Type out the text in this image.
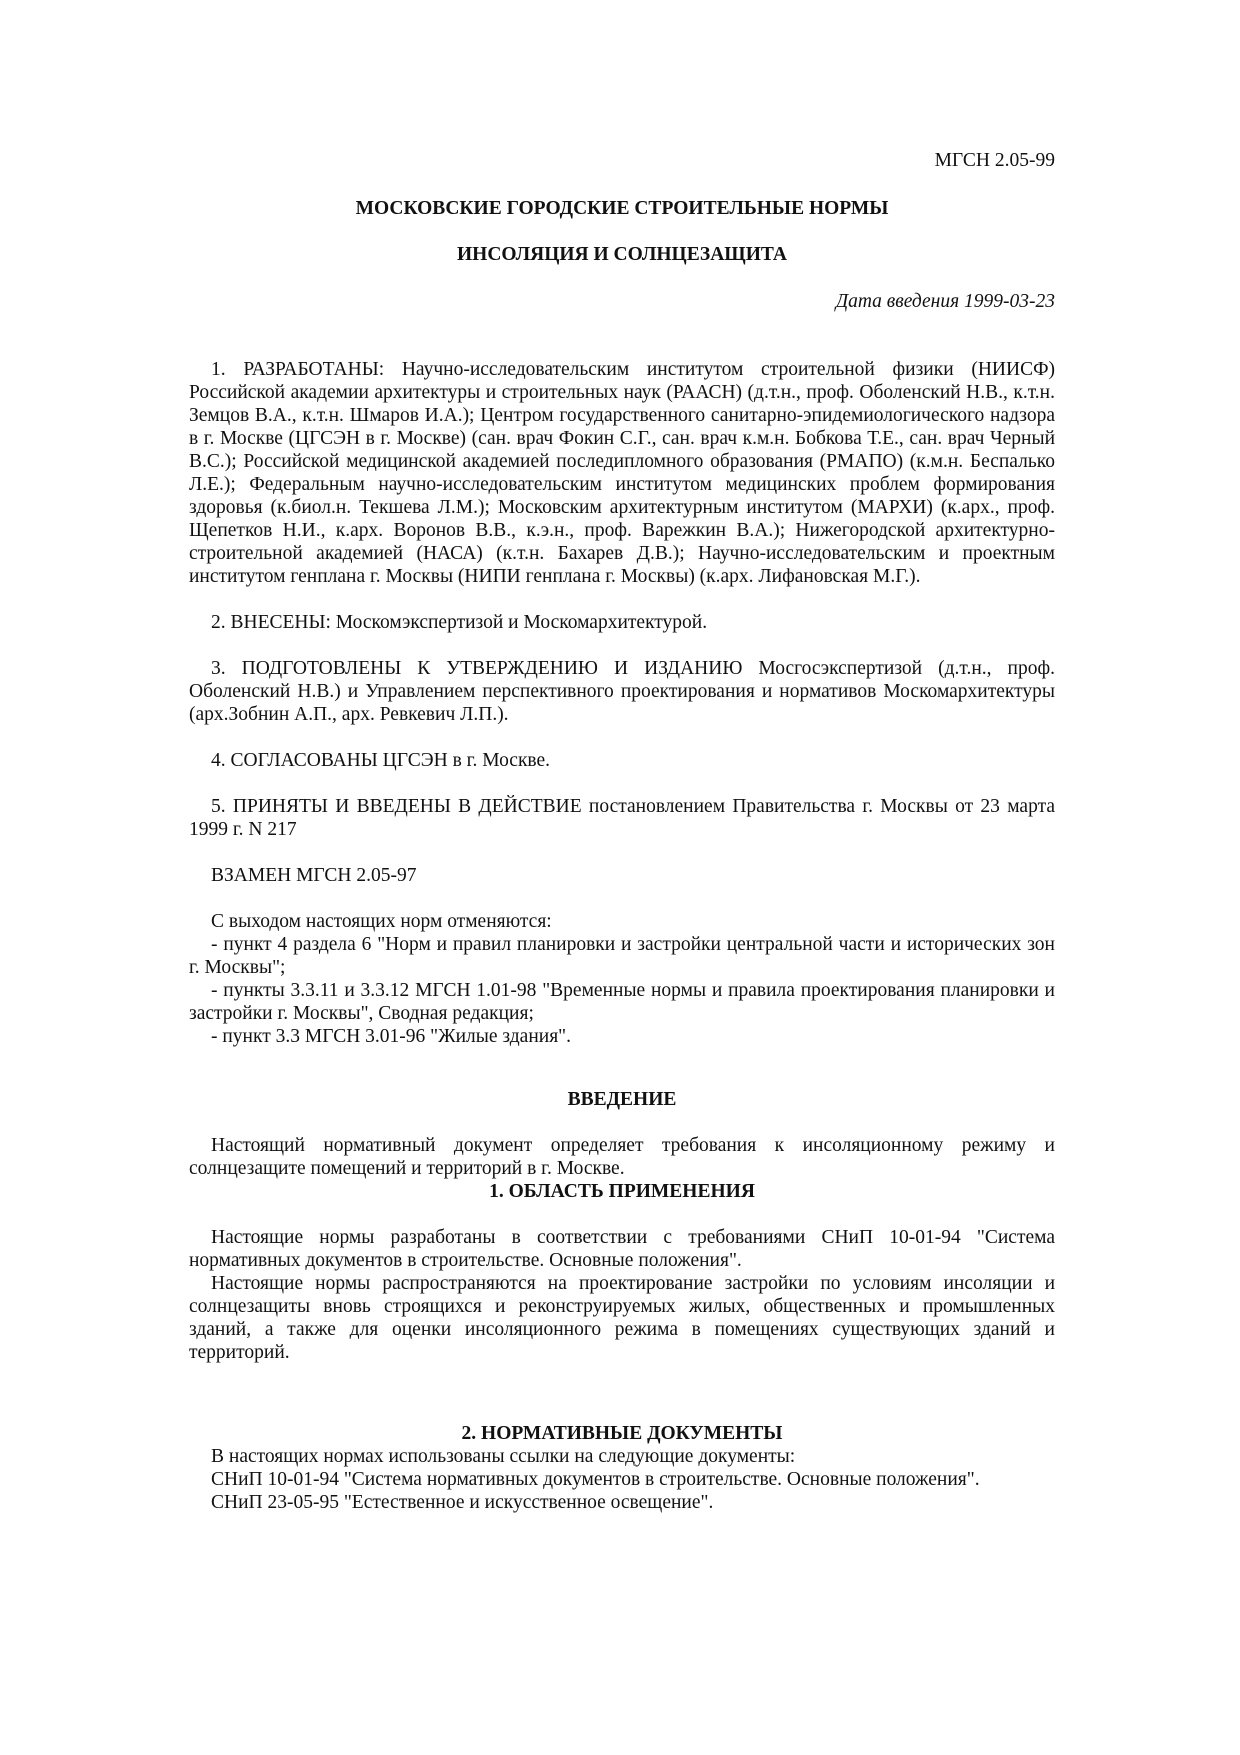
МГСН 2.05-99
МОСКОВСКИЕ ГОРОДСКИЕ СТРОИТЕЛЬНЫЕ НОРМЫ
ИНСОЛЯЦИЯ И СОЛНЦЕЗАЩИТА
Дата введения 1999-03-23

1. РАЗРАБОТАНЫ: Научно-исследовательским институтом строительной физики (НИИСФ) Российской академии архитектуры и строительных наук (РААСН) (д.т.н., проф. Оболенский Н.В., к.т.н. Земцов В.А., к.т.н. Шмаров И.А.); Центром государственного санитарно-эпидемиологического надзора в г. Москве (ЦГСЭН в г. Москве) (сан. врач Фокин С.Г., сан. врач к.м.н. Бобкова Т.Е., сан. врач Черный В.С.); Российской медицинской академией последипломного образования (РМАПО) (к.м.н. Беспалько Л.Е.); Федеральным научно-исследовательским институтом медицинских проблем формирования здоровья (к.биол.н. Текшева Л.М.); Московским архитектурным институтом (МАРХИ) (к.арх., проф. Щепетков Н.И., к.арх. Воронов В.В., к.э.н., проф. Варежкин В.А.); Нижегородской архитектурно-строительной академией (НАСА) (к.т.н. Бахарев Д.В.); Научно-исследовательским и проектным институтом генплана г. Москвы (НИПИ генплана г. Москвы) (к.арх. Лифановская М.Г.).

2. ВНЕСЕНЫ: Москомэкспертизой и Москомархитектурой.

3. ПОДГОТОВЛЕНЫ К УТВЕРЖДЕНИЮ И ИЗДАНИЮ Мосгосэкспертизой (д.т.н., проф. Оболенский Н.В.) и Управлением перспективного проектирования и нормативов Москомархитектуры (арх.Зобнин А.П., арх. Ревкевич Л.П.).

4. СОГЛАСОВАНЫ ЦГСЭН в г. Москве.

5. ПРИНЯТЫ И ВВЕДЕНЫ В ДЕЙСТВИЕ постановлением Правительства г. Москвы от 23 марта 1999 г. N 217

ВЗАМЕН МГСН 2.05-97

С выходом настоящих норм отменяются:

- пункт 4 раздела 6 "Норм и правил планировки и застройки центральной части и исторических зон г. Москвы";

- пункты 3.3.11 и 3.3.12 МГСН 1.01-98 "Временные нормы и правила проектирования планировки и застройки г. Москвы", Сводная редакция;

- пункт 3.3 МГСН 3.01-96 "Жилые здания".

ВВЕДЕНИЕ

Настоящий нормативный документ определяет требования к инсоляционному режиму и солнцезащите помещений и территорий в г. Москве.

1. ОБЛАСТЬ ПРИМЕНЕНИЯ

Настоящие нормы разработаны в соответствии с требованиями СНиП 10-01-94 "Система нормативных документов в строительстве. Основные положения".

Настоящие нормы распространяются на проектирование застройки по условиям инсоляции и солнцезащиты вновь строящихся и реконструируемых жилых, общественных и промышленных зданий, а также для оценки инсоляционного режима в помещениях существующих зданий и территорий.

2. НОРМАТИВНЫЕ ДОКУМЕНТЫ

В настоящих нормах использованы ссылки на следующие документы:

СНиП 10-01-94 "Система нормативных документов в строительстве. Основные положения".

СНиП 23-05-95 "Естественное и искусственное освещение".
